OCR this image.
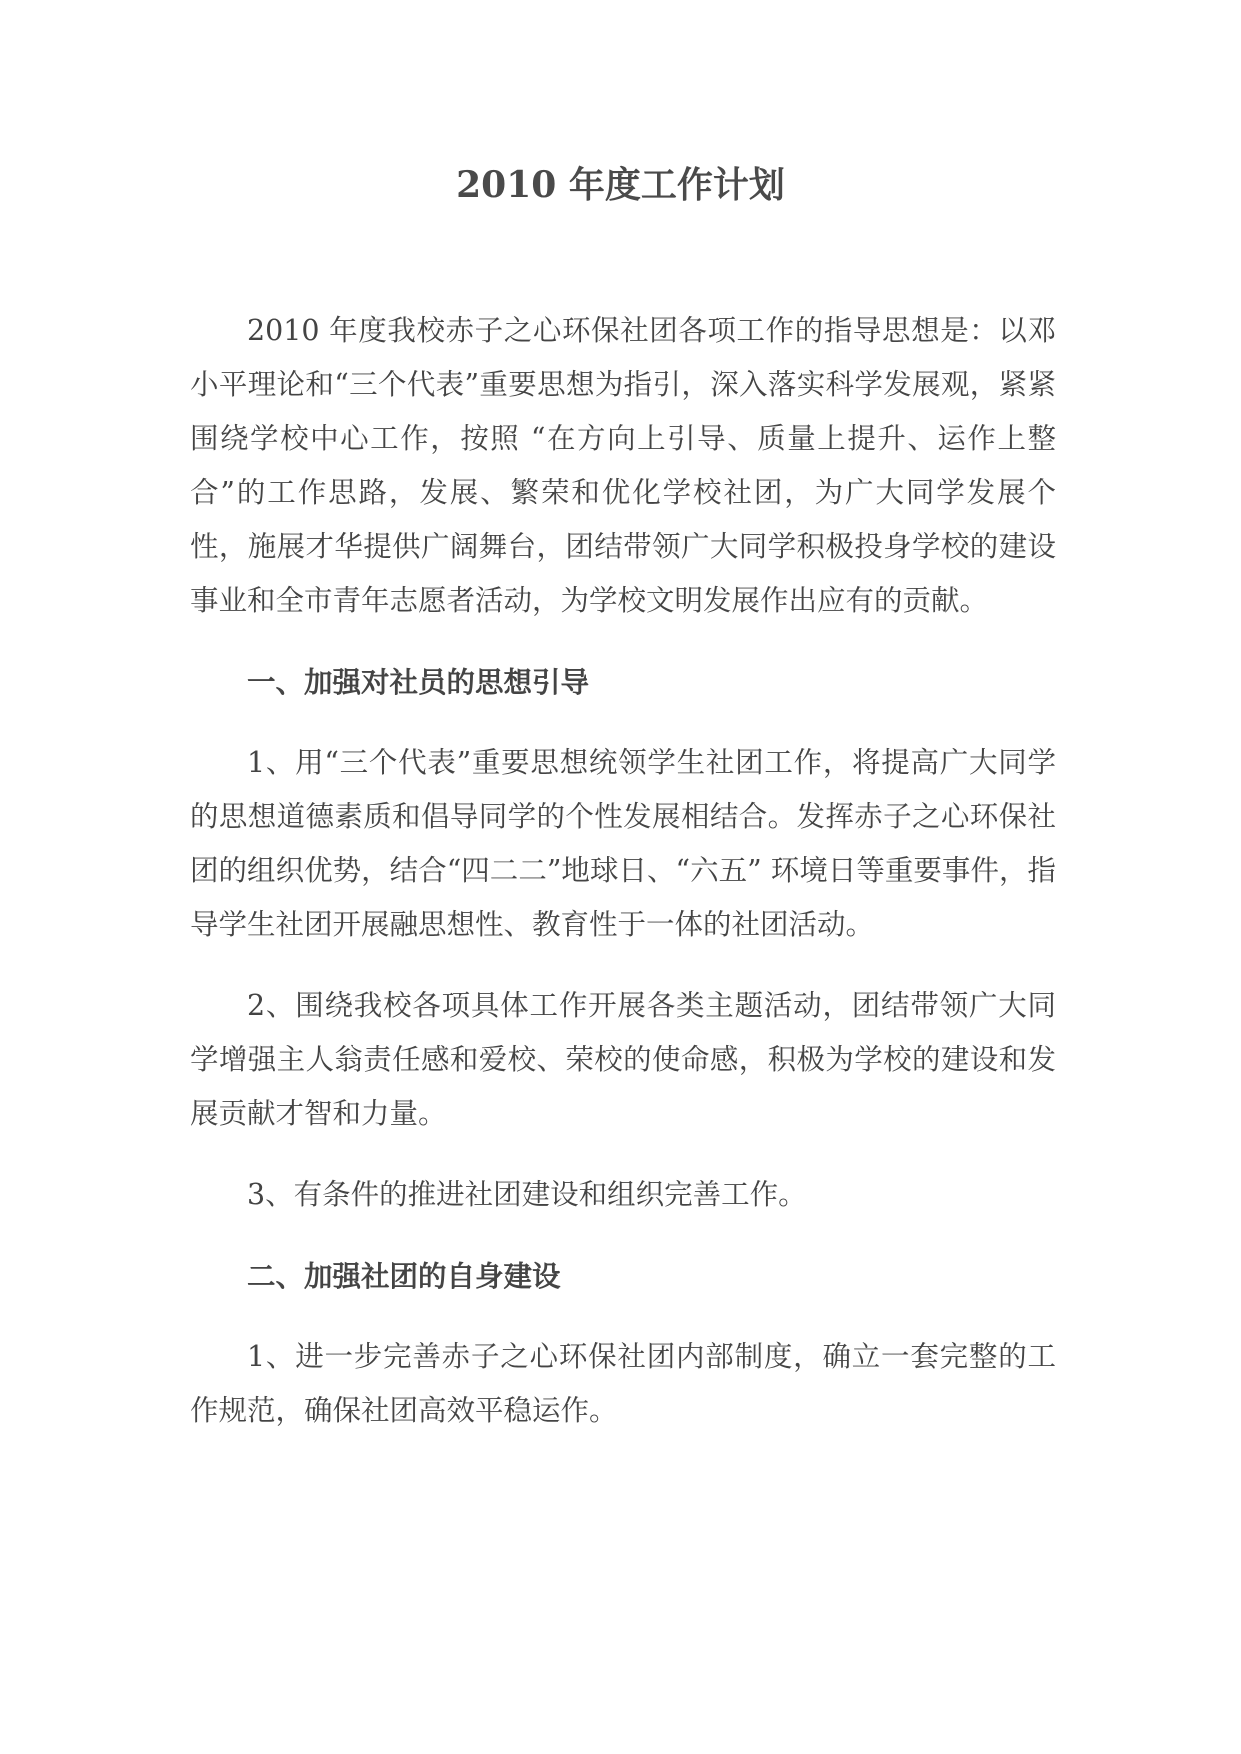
2010 年度工作计划

2010 年度我校赤子之心环保社团各项工作的指导思想是：以邓小平理论和“三个代表”重要思想为指引，深入落实科学发展观，紧紧围绕学校中心工作，按照 “在方向上引导、质量上提升、运作上整合”的工作思路，发展、繁荣和优化学校社团，为广大同学发展个性，施展才华提供广阔舞台，团结带领广大同学积极投身学校的建设事业和全市青年志愿者活动，为学校文明发展作出应有的贡献。

一、加强对社员的思想引导

1、用“三个代表”重要思想统领学生社团工作，将提高广大同学的思想道德素质和倡导同学的个性发展相结合。发挥赤子之心环保社团的组织优势，结合“四二二”地球日、“六五” 环境日等重要事件，指导学生社团开展融思想性、教育性于一体的社团活动。

2、围绕我校各项具体工作开展各类主题活动，团结带领广大同学增强主人翁责任感和爱校、荣校的使命感，积极为学校的建设和发展贡献才智和力量。

3、有条件的推进社团建设和组织完善工作。

二、加强社团的自身建设

1、进一步完善赤子之心环保社团内部制度，确立一套完整的工作规范，确保社团高效平稳运作。
